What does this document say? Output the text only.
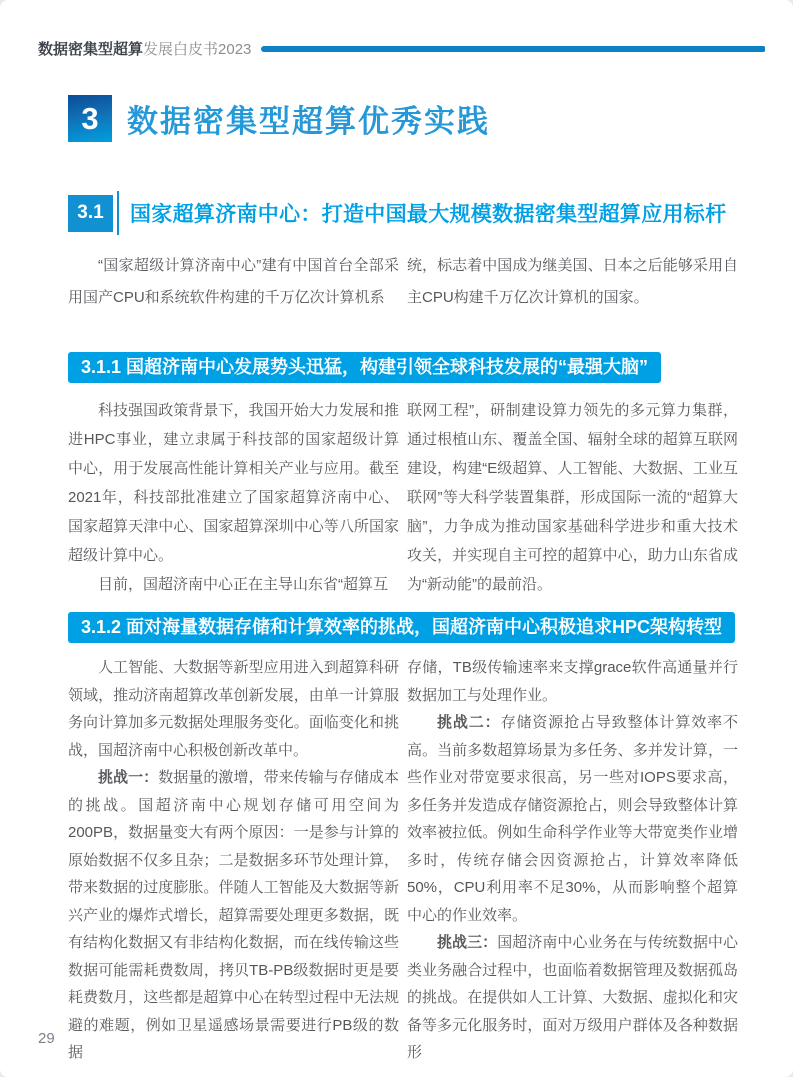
数据密集型超算发展白皮书2023
3 数据密集型超算优秀实践
3.1	国家超算济南中心：打造中国最大规模数据密集型超算应用标杆

“国家超级计算济南中心”建有中国首台全部采用国产CPU和系统软件构建的千万亿次计算机系

统，标志着中国成为继美国、日本之后能够采用自主CPU构建千万亿次计算机的国家。

3.1.1 国超济南中心发展势头迅猛，构建引领全球科技发展的“最强大脑”

科技强国政策背景下，我国开始大力发展和推进HPC事业，建立隶属于科技部的国家超级计算中心，用于发展高性能计算相关产业与应用。截至2021年，科技部批准建立了国家超算济南中心、国家超算天津中心、国家超算深圳中心等八所国家超级计算中心。

目前，国超济南中心正在主导山东省“超算互

联网工程”，研制建设算力领先的多元算力集群，通过根植山东、覆盖全国、辐射全球的超算互联网建设，构建“E级超算、人工智能、大数据、工业互联网”等大科学装置集群，形成国际一流的“超算大脑”，力争成为推动国家基础科学进步和重大技术攻关，并实现自主可控的超算中心，助力山东省成为“新动能”的最前沿。

3.1.2 面对海量数据存储和计算效率的挑战，国超济南中心积极追求HPC架构转型

人工智能、大数据等新型应用进入到超算科研领域，推动济南超算改革创新发展，由单一计算服务向计算加多元数据处理服务变化。面临变化和挑战，国超济南中心积极创新改革中。

挑战一：数据量的激增，带来传输与存储成本的挑战。国超济南中心规划存储可用空间为200PB，数据量变大有两个原因：一是参与计算的原始数据不仅多且杂；二是数据多环节处理计算，带来数据的过度膨胀。伴随人工智能及大数据等新兴产业的爆炸式增长，超算需要处理更多数据，既有结构化数据又有非结构化数据，而在线传输这些数据可能需耗费数周，拷贝TB-PB级数据时更是要耗费数月，这些都是超算中心在转型过程中无法规避的难题，例如卫星遥感场景需要进行PB级的数据

存储，TB级传输速率来支撑grace软件高通量并行数据加工与处理作业。

挑战二：存储资源抢占导致整体计算效率不高。当前多数超算场景为多任务、多并发计算，一些作业对带宽要求很高，另一些对IOPS要求高，多任务并发造成存储资源抢占，则会导致整体计算效率被拉低。例如生命科学作业等大带宽类作业增多时，传统存储会因资源抢占，计算效率降低50%，CPU利用率不足30%，从而影响整个超算中心的作业效率。

挑战三：国超济南中心业务在与传统数据中心类业务融合过程中，也面临着数据管理及数据孤岛的挑战。在提供如人工计算、大数据、虚拟化和灾备等多元化服务时，面对万级用户群体及各种数据形

29
